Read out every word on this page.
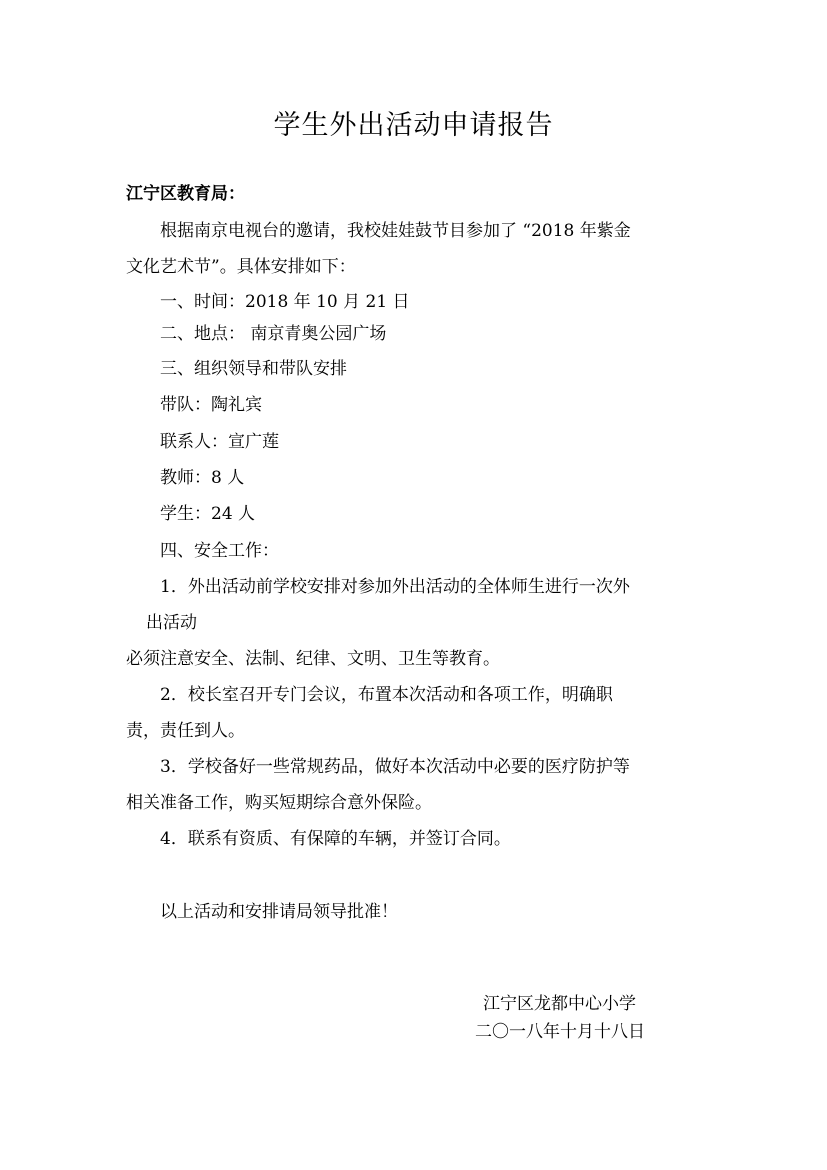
学生外出活动申请报告

江宁区教育局：

根据南京电视台的邀请，我校娃娃鼓节目参加了 “2018 年紫金

文化艺术节”。具体安排如下：

一、时间：2018 年 10 月 21 日

二、地点： 南京青奥公园广场

三、组织领导和带队安排

带队：陶礼宾

联系人：宣广莲

教师：8 人

学生：24 人

四、安全工作：

1．外出活动前学校安排对参加外出活动的全体师生进行一次外

出活动

必须注意安全、法制、纪律、文明、卫生等教育。

2．校长室召开专门会议，布置本次活动和各项工作，明确职

责，责任到人。

3．学校备好一些常规药品，做好本次活动中必要的医疗防护等

相关准备工作，购买短期综合意外保险。

4．联系有资质、有保障的车辆，并签订合同。

以上活动和安排请局领导批准！

江宁区龙都中心小学
二〇一八年十月十八日
